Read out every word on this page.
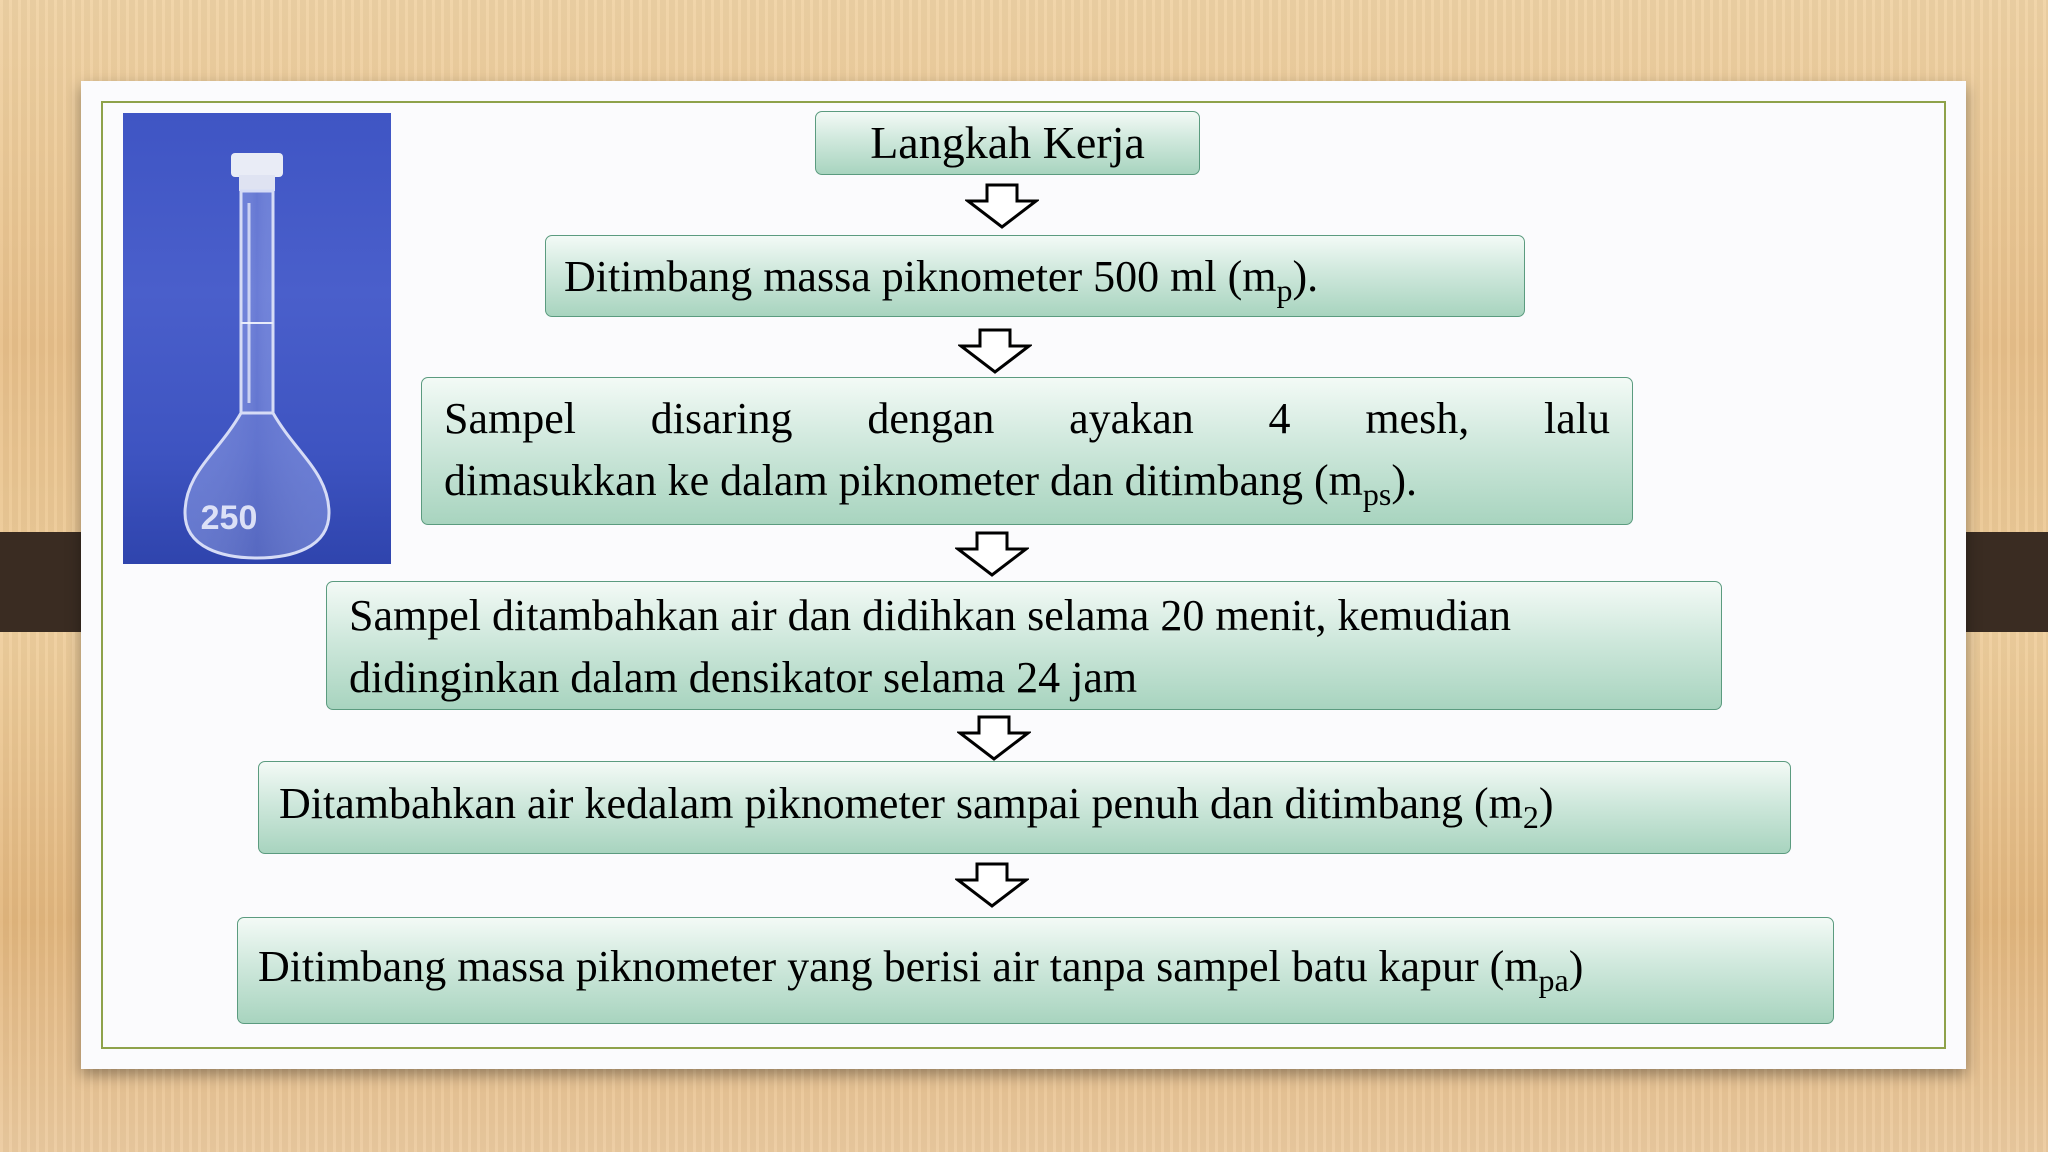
250
Langkah Kerja
Ditimbang massa piknometer 500 ml $(m_p)$.
Sampel disaring dengan ayakan 4 mesh, lalu
dimasukkan ke dalam piknometer dan ditimbang $(m_{ps})$.
Sampel ditambahkan air dan didihkan selama 20 menit, kemudian
didinginkan dalam densikator selama 24 jam
Ditambahkan air kedalam piknometer sampai penuh dan ditimbang $(m_2)$
Ditimbang massa piknometer yang berisi air tanpa sampel batu kapur $(m_{pa})$
